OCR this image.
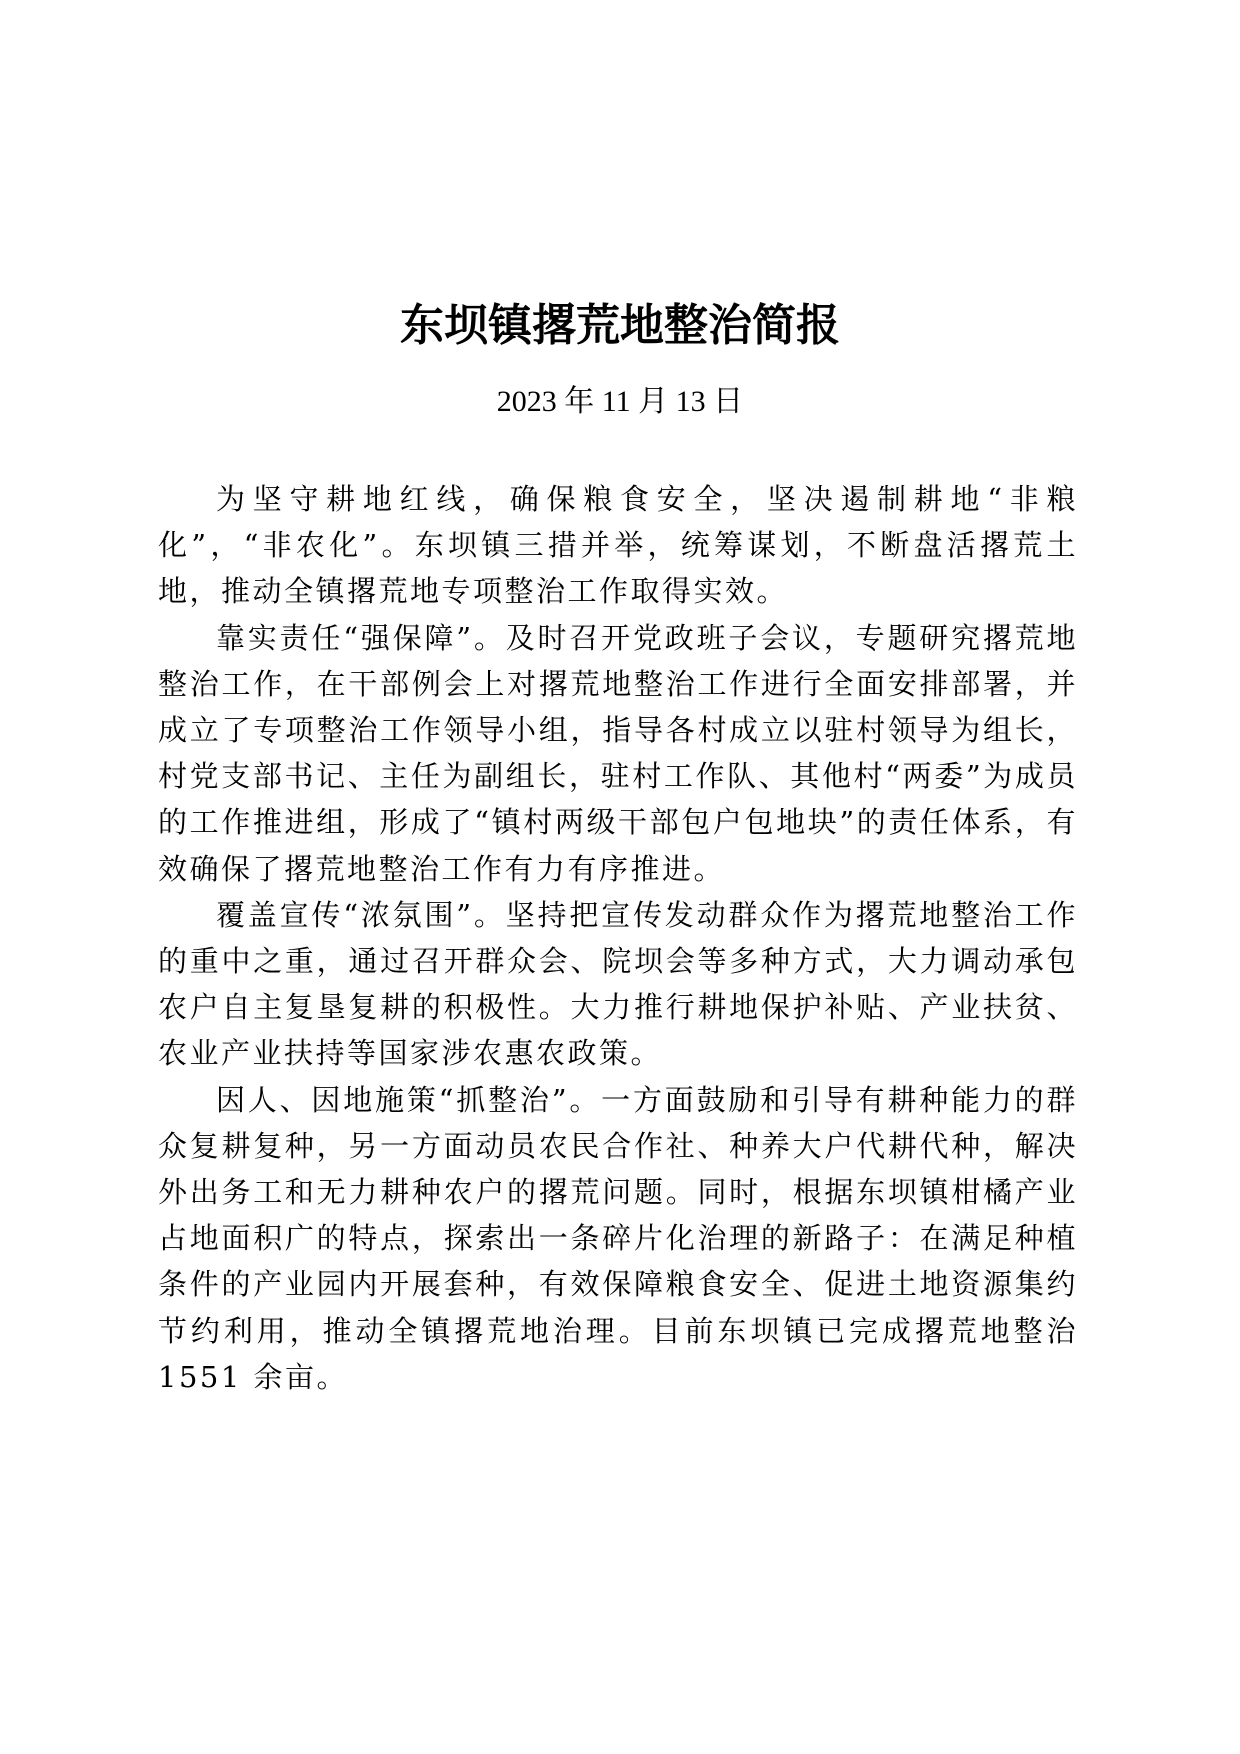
东坝镇撂荒地整治简报
2023 年 11 月 13 日

为坚守耕地红线，确保粮食安全，坚决遏制耕地“非粮化”，“非农化”。东坝镇三措并举，统筹谋划，不断盘活撂荒土地，推动全镇撂荒地专项整治工作取得实效。

靠实责任“强保障”。及时召开党政班子会议，专题研究撂荒地整治工作，在干部例会上对撂荒地整治工作进行全面安排部署，并成立了专项整治工作领导小组，指导各村成立以驻村领导为组长，村党支部书记、主任为副组长，驻村工作队、其他村“两委”为成员的工作推进组，形成了“镇村两级干部包户包地块”的责任体系，有效确保了撂荒地整治工作有力有序推进。

覆盖宣传“浓氛围”。坚持把宣传发动群众作为撂荒地整治工作的重中之重，通过召开群众会、院坝会等多种方式，大力调动承包农户自主复垦复耕的积极性。大力推行耕地保护补贴、产业扶贫、农业产业扶持等国家涉农惠农政策。

因人、因地施策“抓整治”。一方面鼓励和引导有耕种能力的群众复耕复种，另一方面动员农民合作社、种养大户代耕代种，解决外出务工和无力耕种农户的撂荒问题。同时，根据东坝镇柑橘产业占地面积广的特点，探索出一条碎片化治理的新路子：在满足种植条件的产业园内开展套种，有效保障粮食安全、促进土地资源集约节约利用，推动全镇撂荒地治理。目前东坝镇已完成撂荒地整治 1551 余亩。
